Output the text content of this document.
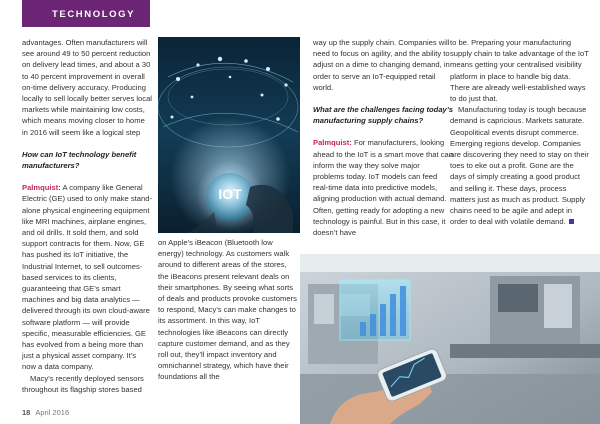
TECHNOLOGY

advantages. Often manufacturers will see around 49 to 50 percent reduction on delivery lead times, and about a 30 to 40 percent improvement in overall on-time delivery accuracy. Producing locally to sell locally better serves local markets while maintaining low costs, which means moving closer to home in 2016 will seem like a logical step

How can IoT technology benefit manufacturers?

Palmquist: A company like General Electric (GE) used to only make stand-alone physical engineering equipment like MRI machines, airplane engines, and oil drills. It sold them, and sold support contracts for them. Now, GE has pushed its IoT initiative, the Industrial Internet, to sell outcomes-based services to its clients, guaranteeing that GE’s smart machines and big data analytics — delivered through its own cloud-aware software platform — will provide specific, measurable efficiencies. GE has evolved from a being more than just a physical asset company. It’s now a data company.

Macy’s recently deployed sensors throughout its flagship stores based

IOT

on Apple’s iBeacon (Bluetooth low energy) technology. As customers walk around to different areas of the stores, the iBeacons present relevant deals on their smartphones. By seeing what sorts of deals and products provoke customers to respond, Macy’s can make changes to its assortment. In this way, IoT technologies like iBeacons can directly capture customer demand, and as they roll out, they’ll impact inventory and omnichannel strategy, which have their foundations all the

way up the supply chain. Companies will need to focus on agility, and the ability to adjust on a dime to changing demand, in order to serve an IoT-equipped retail world.

What are the challenges facing today’s manufacturing supply chains?

Palmquist: For manufacturers, looking ahead to the IoT is a smart move that can inform the way they solve major problems today. IoT models can feed real-time data into predictive models, aligning production with actual demand. Often, getting ready for adopting a new technology is painful. But in this case, it doesn’t have

to be. Preparing your manufacturing supply chain to take advantage of the IoT means getting your centralised visibility platform in place to handle big data. There are already well-established ways to do just that.

Manufacturing today is tough because demand is capricious. Markets saturate. Geopolitical events disrupt commerce. Emerging regions develop. Companies are discovering they need to stay on their toes to eke out a profit. Gone are the days of simply creating a good product and selling it. These days, process matters just as much as product. Supply chains need to be agile and adept in order to deal with volatile demand.

18 April 2016
